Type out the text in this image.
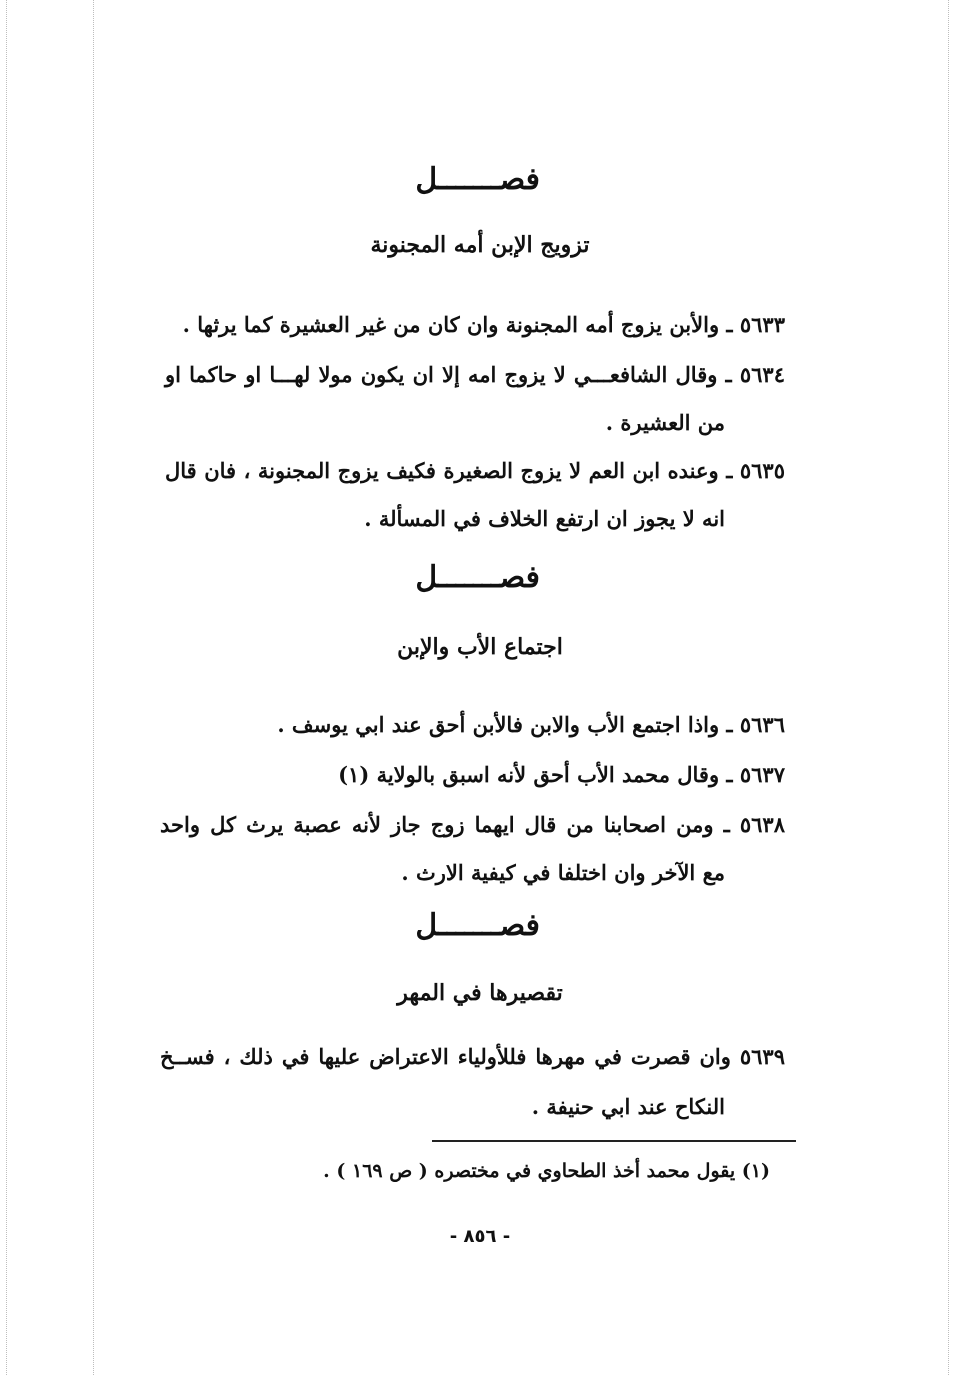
فصـــــــل
تزويج الإبن أمه المجنونة
٥٦٣٣ ـ والأبن يزوج أمه المجنونة وان كان من غير العشيرة كما يرثها .
٥٦٣٤ ـ وقال الشافعـــي لا يزوج امه إلا ان يكون مولا لهـــا او حاكما او
من العشيرة .
٥٦٣٥ ـ وعنده ابن العم لا يزوج الصغيرة فكيف يزوج المجنونة ، فان قال
انه لا يجوز ان ارتفع الخلاف في المسألة .
فصـــــــل
اجتماع الأب والإبن
٥٦٣٦ ـ واذا اجتمع الأب والابن فالأبن أحق عند ابي يوسف .
٥٦٣٧ ـ وقال محمد الأب أحق لأنه اسبق بالولاية (١)
٥٦٣٨ ـ ومن اصحابنا من قال ايهما زوج جاز لأنه عصبة يرث كل واحد
مع الآخر وان اختلفا في كيفية الارث .
فصـــــــل
تقصيرها في المهر
٥٦٣٩ وان قصرت في مهرها فللأولياء الاعتراض عليها في ذلك ، فســخ
النكاح عند ابي حنيفة .
(١) يقول محمد أخذ الطحاوي في مختصره ( ص ١٦٩ ) .
- ٨٥٦ -
